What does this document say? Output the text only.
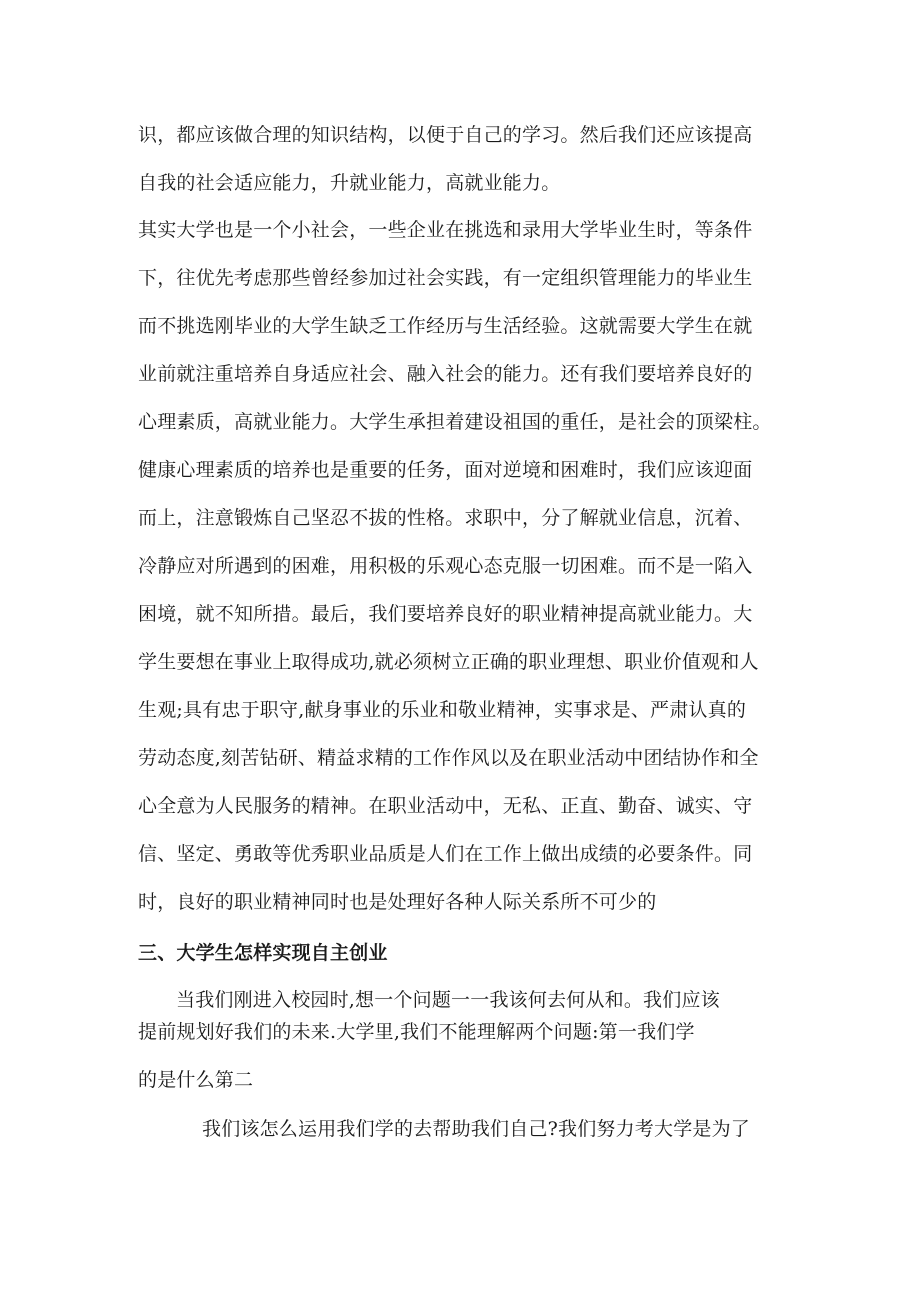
识，都应该做合理的知识结构，以便于自己的学习。然后我们还应该提高
自我的社会适应能力，升就业能力，高就业能力。
其实大学也是一个小社会，一些企业在挑选和录用大学毕业生时，等条件
下，往优先考虑那些曾经参加过社会实践，有一定组织管理能力的毕业生
而不挑选刚毕业的大学生缺乏工作经历与生活经验。这就需要大学生在就
业前就注重培养自身适应社会、融入社会的能力。还有我们要培养良好的
心理素质，高就业能力。大学生承担着建设祖国的重任，是社会的顶梁柱。
健康心理素质的培养也是重要的任务，面对逆境和困难时，我们应该迎面
而上，注意锻炼自己坚忍不拔的性格。求职中，分了解就业信息，沉着、
冷静应对所遇到的困难，用积极的乐观心态克服一切困难。而不是一陷入
困境，就不知所措。最后，我们要培养良好的职业精神提高就业能力。大
学生要想在事业上取得成功,就必须树立正确的职业理想、职业价值观和人
生观;具有忠于职守,献身事业的乐业和敬业精神，实事求是、严肃认真的
劳动态度,刻苦钻研、精益求精的工作作风以及在职业活动中团结协作和全
心全意为人民服务的精神。在职业活动中，无私、正直、勤奋、诚实、守
信、坚定、勇敢等优秀职业品质是人们在工作上做出成绩的必要条件。同
时，良好的职业精神同时也是处理好各种人际关系所不可少的
三、大学生怎样实现自主创业
当我们刚进入校园时,想一个问题一一我该何去何从和。我们应该
提前规划好我们的未来.大学里,我们不能理解两个问题:第一我们学
的是什么第二
我们该怎么运用我们学的去帮助我们自己?我们努力考大学是为了
